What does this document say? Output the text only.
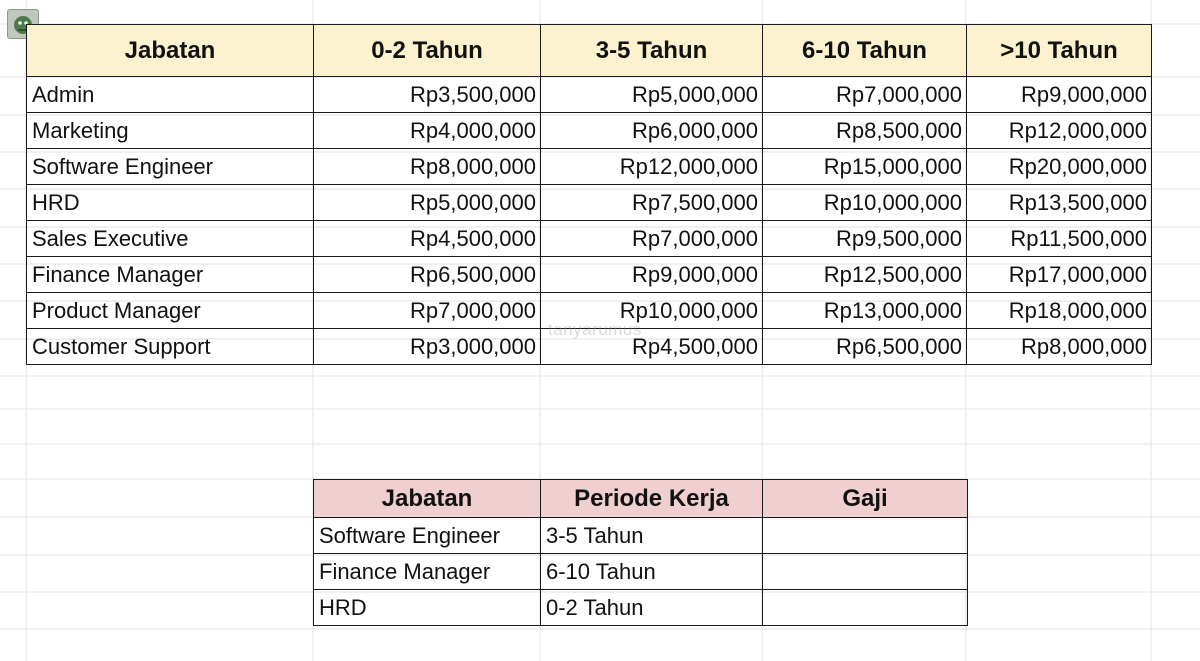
Jabatan	0-2 Tahun	3-5 Tahun	6-10 Tahun	>10 Tahun
Admin	Rp3,500,000	Rp5,000,000	Rp7,000,000	Rp9,000,000
Marketing	Rp4,000,000	Rp6,000,000	Rp8,500,000	Rp12,000,000
Software Engineer	Rp8,000,000	Rp12,000,000	Rp15,000,000	Rp20,000,000
HRD	Rp5,000,000	Rp7,500,000	Rp10,000,000	Rp13,500,000
Sales Executive	Rp4,500,000	Rp7,000,000	Rp9,500,000	Rp11,500,000
Finance Manager	Rp6,500,000	Rp9,000,000	Rp12,500,000	Rp17,000,000
Product Manager	Rp7,000,000	Rp10,000,000	Rp13,000,000	Rp18,000,000
Customer Support	Rp3,000,000	Rp4,500,000	Rp6,500,000	Rp8,000,000
tanyarumus
Jabatan	Periode Kerja	Gaji
Software Engineer	3-5 Tahun	
Finance Manager	6-10 Tahun	
HRD	0-2 Tahun	
